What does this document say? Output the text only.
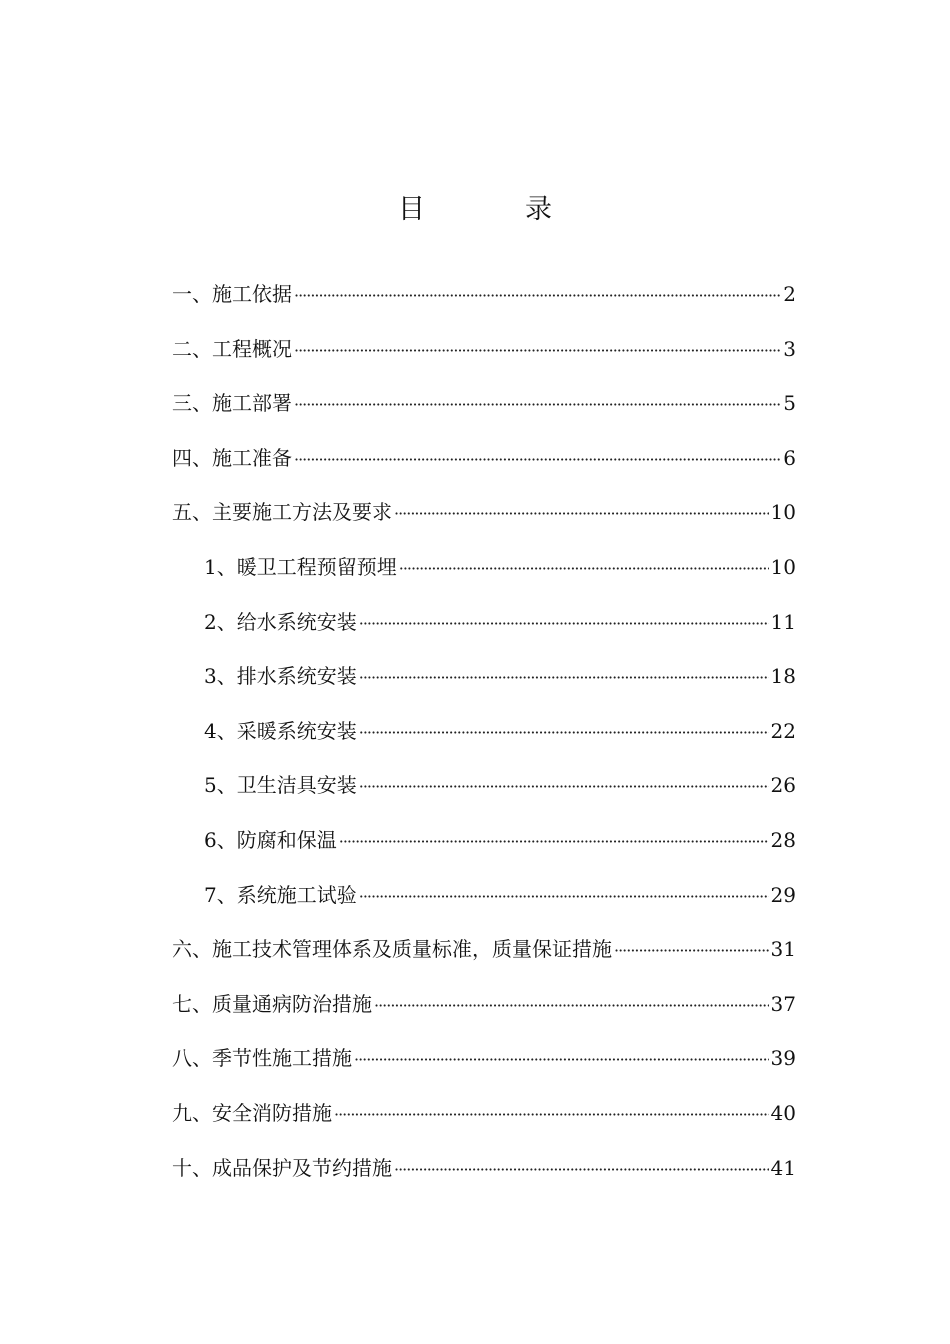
目	录
一、施工依据 ·····	2
二、工程概况 ·····	3
三、施工部署 ·····	5
四、施工准备 ·····	6
五、主要施工方法及要求 ·····	10
1、暖卫工程预留预埋 ·····	10
2、给水系统安装 ·····	11
3、排水系统安装 ·····	18
4、采暖系统安装 ·····	22
5、卫生洁具安装 ·····	26
6、防腐和保温 ·····	28
7、系统施工试验 ·····	29
六、施工技术管理体系及质量标准，质量保证措施 ·····	31
七、质量通病防治措施 ·····	37
八、季节性施工措施 ·····	39
九、安全消防措施 ·····	40
十、成品保护及节约措施 ·····	41
